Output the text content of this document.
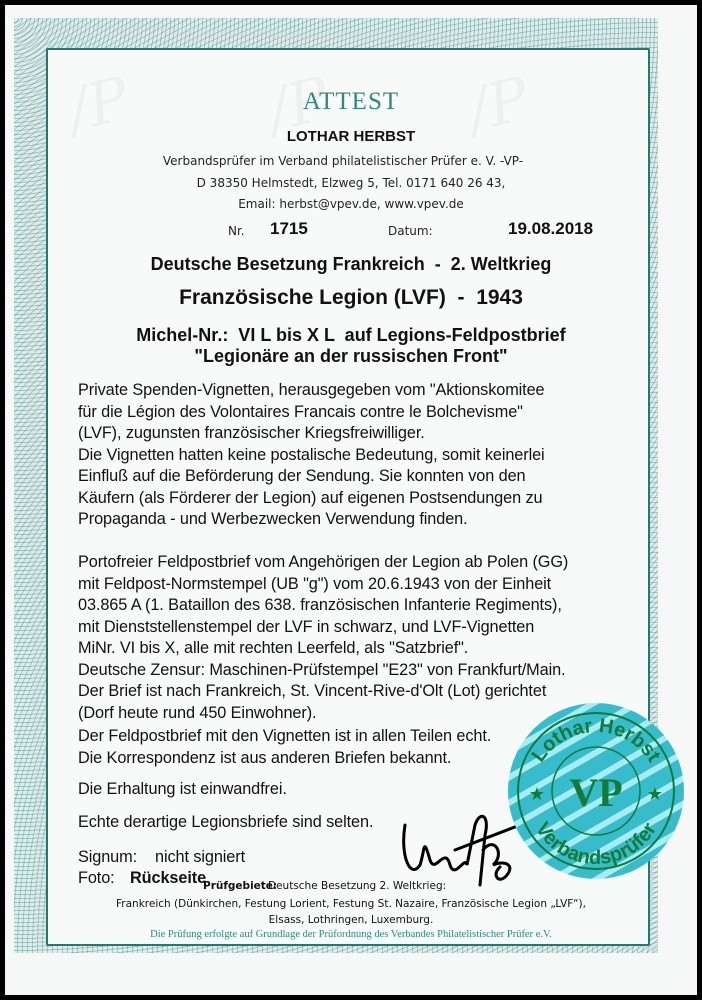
ATTEST
LOTHAR HERBST
Verbandsprüfer im Verband philatelistischer Prüfer e. V. -VP-
D 38350 Helmstedt, Elzweg 5, Tel. 0171 640 26 43,
Email: herbst@vpev.de, www.vpev.de
Nr. 1715	Datum:	19.08.2018
Deutsche Besetzung Frankreich  -  2. Weltkrieg
Französische Legion (LVF)  -  1943
Michel-Nr.:  VI L bis X L  auf Legions-Feldpostbrief
"Legionäre an der russischen Front"
Private Spenden-Vignetten, herausgegeben vom "Aktionskomitee
für die Légion des Volontaires Francais contre le Bolchevisme"
(LVF), zugunsten französischer Kriegsfreiwilliger.
Die Vignetten hatten keine postalische Bedeutung, somit keinerlei
Einfluß auf die Beförderung der Sendung. Sie konnten von den
Käufern (als Förderer der Legion) auf eigenen Postsendungen zu
Propaganda - und Werbezwecken Verwendung finden.
Portofreier Feldpostbrief vom Angehörigen der Legion ab Polen (GG)
mit Feldpost-Normstempel (UB "g") vom 20.6.1943 von der Einheit
03.865 A (1. Bataillon des 638. französischen Infanterie Regiments),
mit Dienststellenstempel der LVF in schwarz, und LVF-Vignetten
MiNr. VI bis X, alle mit rechten Leerfeld, als "Satzbrief".
Deutsche Zensur: Maschinen-Prüfstempel "E23" von Frankfurt/Main.
Der Brief ist nach Frankreich, St. Vincent-Rive-d'Olt (Lot) gerichtet
(Dorf heute rund 450 Einwohner).
Der Feldpostbrief mit den Vignetten ist in allen Teilen echt.
Die Korrespondenz ist aus anderen Briefen bekannt.
Die Erhaltung ist einwandfrei.
Echte derartige Legionsbriefe sind selten.
Signum: nicht signiert
Foto: Rückseite
Prüfgebiete:
Deutsche Besetzung 2. Weltkrieg:
Frankreich (Dünkirchen, Festung Lorient, Festung St. Nazaire, Französische Legion „LVF“),
Elsass, Lothringen, Luxemburg.
Die Prüfung erfolgte auf Grundlage der Prüfordnung des Verbandes Philatelistischer Prüfer e.V.
Lothar Herbst
Verbandsprüfer
VP
★	★
